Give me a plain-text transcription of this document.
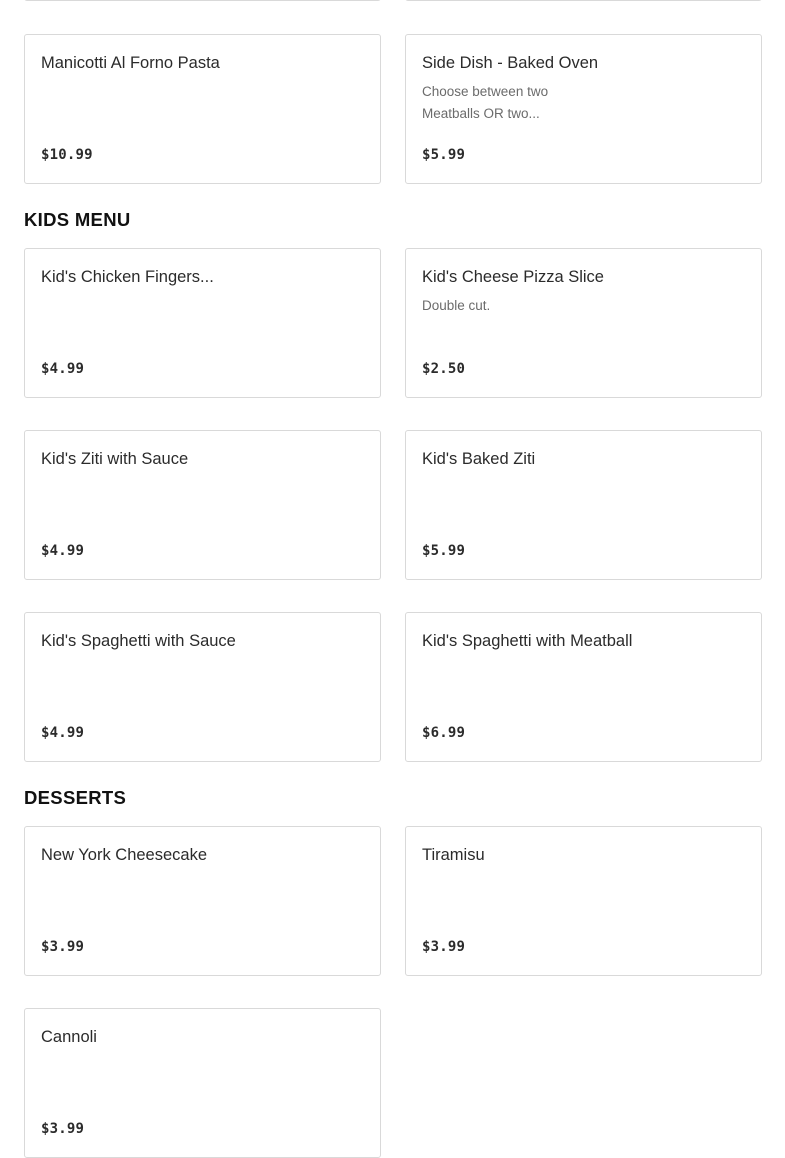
Manicotti Al Forno Pasta
$10.99
Side Dish - Baked Oven
Choose between two Meatballs OR two...
$5.99
KIDS MENU
Kid's Chicken Fingers...
$4.99
Kid's Cheese Pizza Slice
Double cut.
$2.50
Kid's Ziti with Sauce
$4.99
Kid's Baked Ziti
$5.99
Kid's Spaghetti with Sauce
$4.99
Kid's Spaghetti with Meatball
$6.99
DESSERTS
New York Cheesecake
$3.99
Tiramisu
$3.99
Cannoli
$3.99
